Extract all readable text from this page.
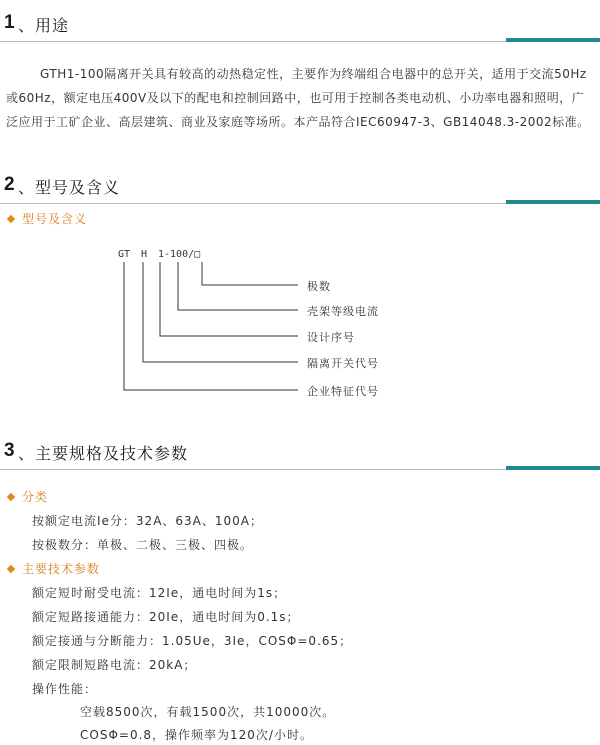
1 、用途
GTH1-100隔离开关具有较高的动热稳定性，主要作为终端组合电器中的总开关，适用于交流50Hz
或60Hz，额定电压400V及以下的配电和控制回路中，也可用于控制各类电动机、小功率电器和照明，广
泛应用于工矿企业、高层建筑、商业及家庭等场所。本产品符合IEC60947-3、GB14048.3-2002标准。
2 、型号及含义
型号及含义
GT H 1-100/□
极数
壳架等级电流
设计序号
隔离开关代号
企业特征代号
3 、主要规格及技术参数
分类
按额定电流Ie分：32A、63A、100A；
按极数分：单极、二极、三极、四极。
主要技术参数
额定短时耐受电流：12Ie，通电时间为1s；
额定短路接通能力：20Ie，通电时间为0.1s；
额定接通与分断能力：1.05Ue，3Ie，COSΦ=0.65；
额定限制短路电流：20kA；
操作性能：
空载8500次，有载1500次，共10000次。
COSΦ=0.8，操作频率为120次/小时。
